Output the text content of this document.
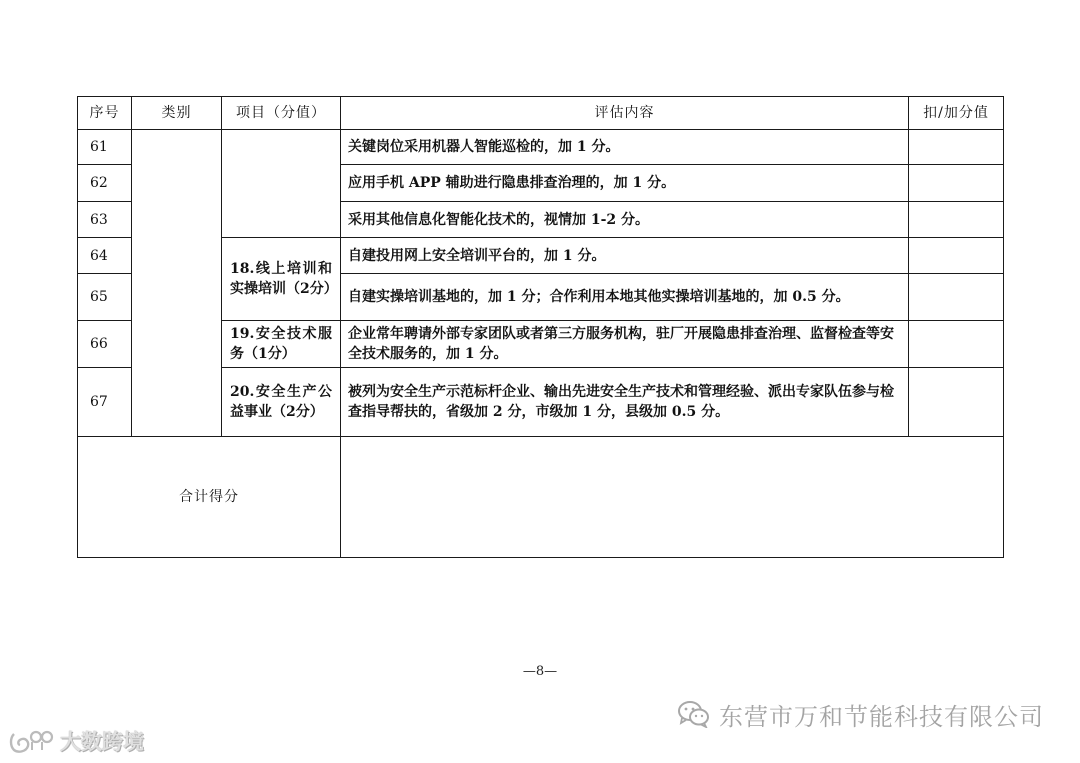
序号	类别	项目（分值）	评估内容	扣/加分值
61			关键岗位采用机器人智能巡检的，加 1 分。	
62			应用手机 APP 辅助进行隐患排查治理的，加 1 分。	
63			采用其他信息化智能化技术的，视情加 1-2 分。	
64		18.线上培训和实操培训（2分）	自建投用网上安全培训平台的，加 1 分。	
65			自建实操培训基地的，加 1 分；合作利用本地其他实操培训基地的，加 0.5 分。	
66		19.安全技术服务（1分）	企业常年聘请外部专家团队或者第三方服务机构，驻厂开展隐患排查治理、监督检查等安全技术服务的，加 1 分。	
67		20.安全生产公益事业（2分）	被列为安全生产示范标杆企业、输出先进安全生产技术和管理经验、派出专家队伍参与检查指导帮扶的，省级加 2 分，市级加 1 分，县级加 0.5 分。	
合计得分				
—8—
大数跨境
东营市万和节能科技有限公司
